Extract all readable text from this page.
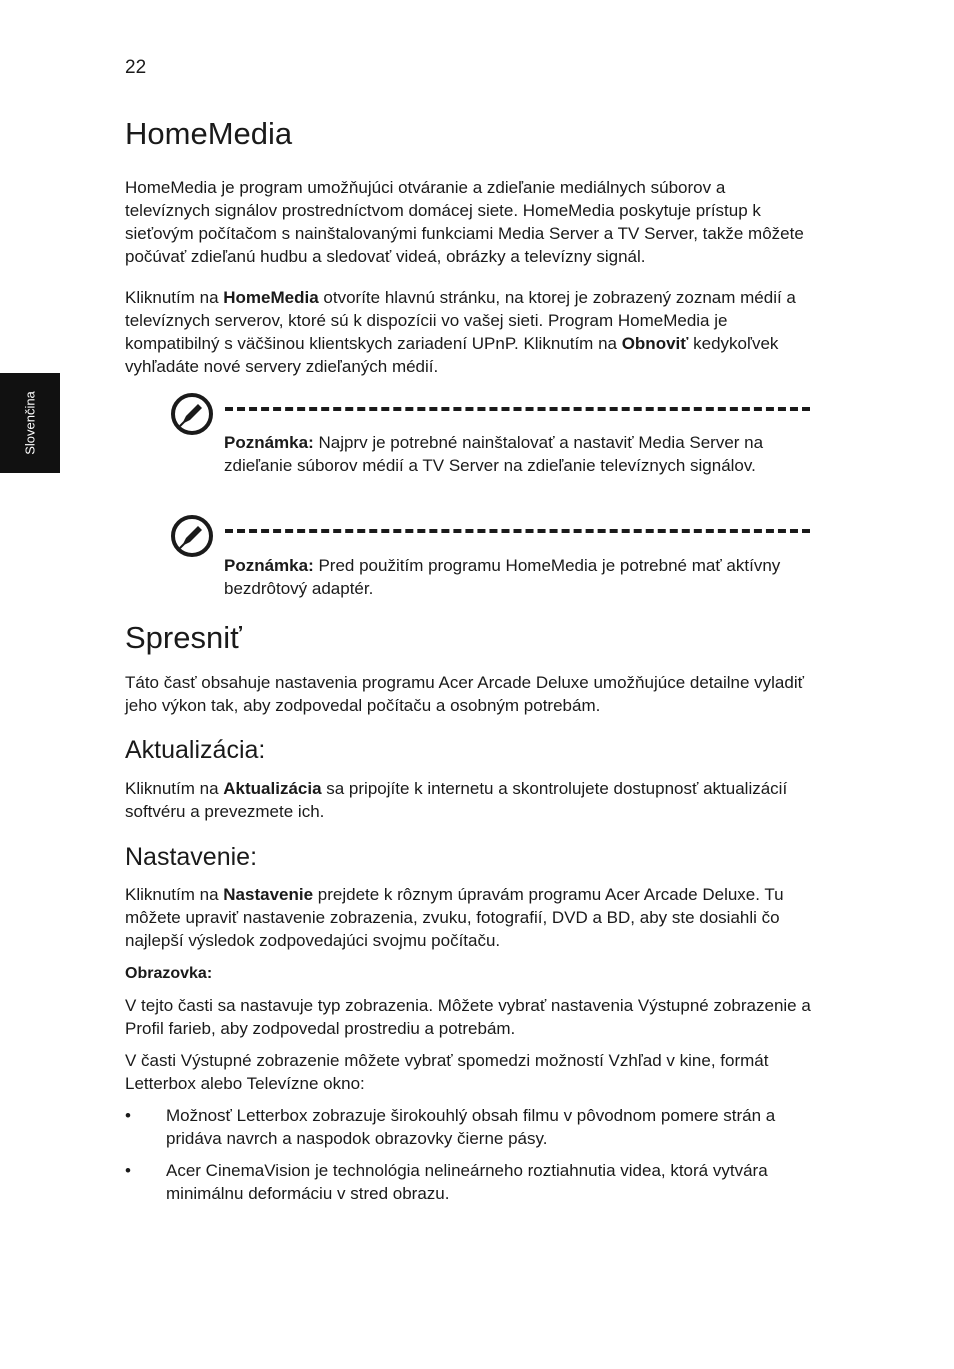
22
Slovenčina
HomeMedia
HomeMedia je program umožňujúci otváranie a zdieľanie mediálnych súborov a televíznych signálov prostredníctvom domácej siete. HomeMedia poskytuje prístup k sieťovým počítačom s nainštalovanými funkciami Media Server a TV Server, takže môžete počúvať zdieľanú hudbu a sledovať videá, obrázky a televízny signál.
Kliknutím na HomeMedia otvoríte hlavnú stránku, na ktorej je zobrazený zoznam médií a televíznych serverov, ktoré sú k dispozícii vo vašej sieti. Program HomeMedia je kompatibilný s väčšinou klientskych zariadení UPnP. Kliknutím na Obnoviť kedykoľvek vyhľadáte nové servery zdieľaných médií.
Poznámka: Najprv je potrebné nainštalovať a nastaviť Media Server na zdieľanie súborov médií a TV Server na zdieľanie televíznych signálov.
Poznámka: Pred použitím programu HomeMedia je potrebné mať aktívny bezdrôtový adaptér.
Spresniť
Táto časť obsahuje nastavenia programu Acer Arcade Deluxe umožňujúce detailne vyladiť jeho výkon tak, aby zodpovedal počítaču a osobným potrebám.
Aktualizácia:
Kliknutím na Aktualizácia sa pripojíte k internetu a skontrolujete dostupnosť aktualizácií softvéru a prevezmete ich.
Nastavenie:
Kliknutím na Nastavenie prejdete k rôznym úpravám programu Acer Arcade Deluxe. Tu môžete upraviť nastavenie zobrazenia, zvuku, fotografií, DVD a BD, aby ste dosiahli čo najlepší výsledok zodpovedajúci svojmu počítaču.
Obrazovka:
V tejto časti sa nastavuje typ zobrazenia. Môžete vybrať nastavenia Výstupné zobrazenie a Profil farieb, aby zodpovedal prostrediu a potrebám.
V časti Výstupné zobrazenie môžete vybrať spomedzi možností Vzhľad v kine, formát Letterbox alebo Televízne okno:
• Možnosť Letterbox zobrazuje širokouhlý obsah filmu v pôvodnom pomere strán a pridáva navrch a naspodok obrazovky čierne pásy.
• Acer CinemaVision je technológia nelineárneho roztiahnutia videa, ktorá vytvára minimálnu deformáciu v stred obrazu.
